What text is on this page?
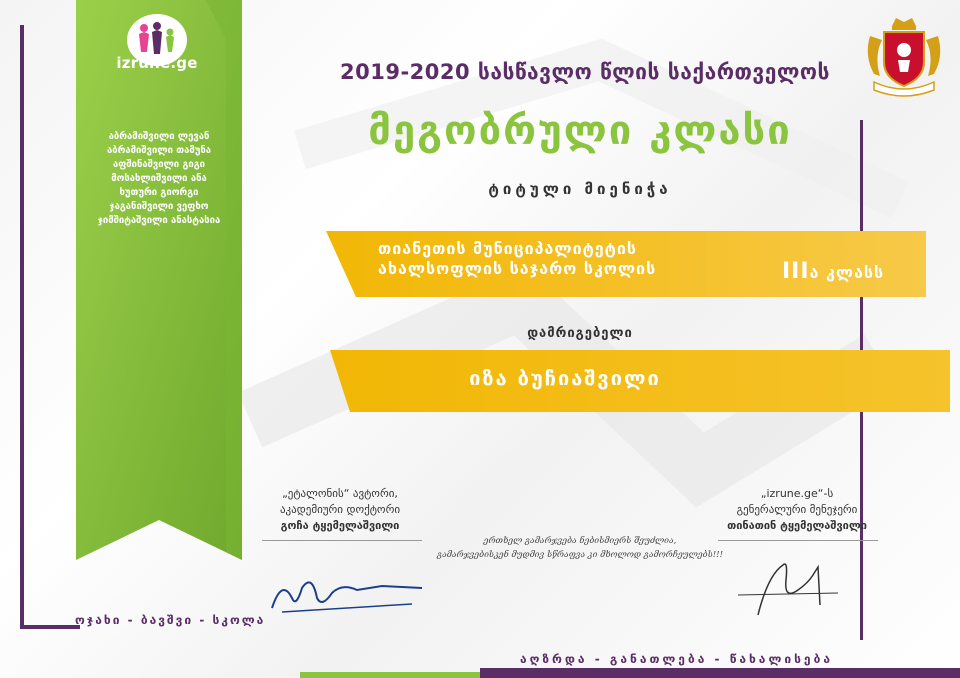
izrune.ge
აბრამიშვილი ლევან
აბრამიშვილი თამუნა
აფშინაშვილი გიგი
მოსახლიშვილი ანა
ხუთური გიორგი
ჯაგანიშვილი ვეფხო
ჯიმშიტაშვილი ანასტასია
2019-2020 სასწავლო წლის საქართველოს
მეგობრული კლასი
ტიტული მიენიჭა
თიანეთის მუნიციპალიტეტის
ახალსოფლის საჯარო სკოლის	IIIა კლასს
დამრიგებელი
იზა ბუჩიაშვილი
„ეტალონის“ ავტორი,
აკადემიური დოქტორი
გოჩა ტყემელაშვილი
„izrune.ge“-ს
გენერალური მენეჯერი
თინათინ ტყემელაშვილი
ერთხელ გამარჯვება ნებისმიერს შეუძლია,
გამარჯვებისკენ მუდმივ სწრაფვა კი მხოლოდ გამორჩეულებს!!!
ოჯახი - ბავშვი - სკოლა
აღზრდა - განათლება - წახალისება
